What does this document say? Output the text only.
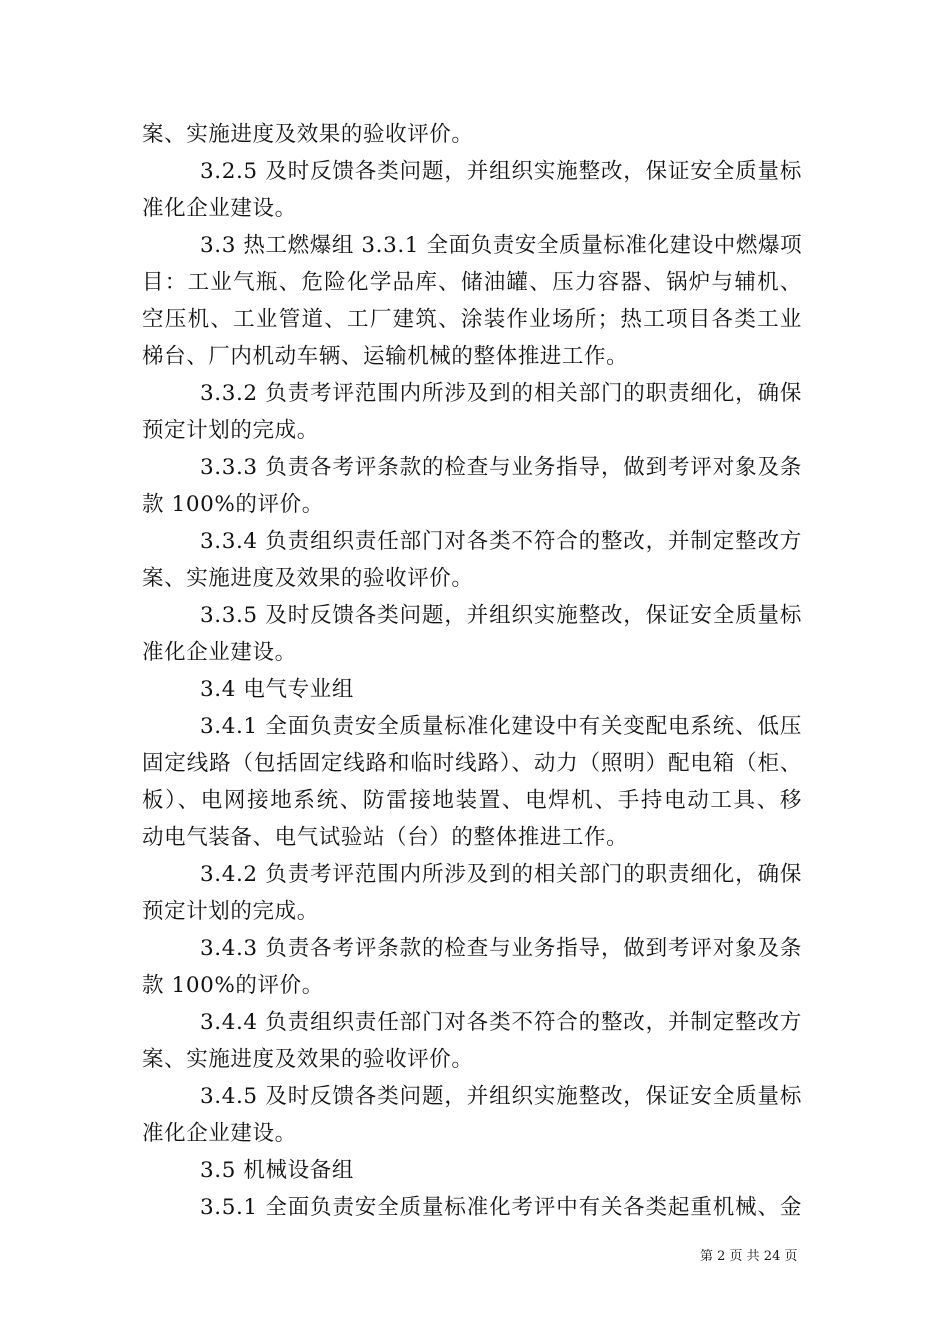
案、实施进度及效果的验收评价。
3.2.5 及时反馈各类问题，并组织实施整改，保证安全质量标
准化企业建设。
3.3 热工燃爆组 3.3.1 全面负责安全质量标准化建设中燃爆项
目：工业气瓶、危险化学品库、储油罐、压力容器、锅炉与辅机、
空压机、工业管道、工厂建筑、涂装作业场所；热工项目各类工业
梯台、厂内机动车辆、运输机械的整体推进工作。
3.3.2 负责考评范围内所涉及到的相关部门的职责细化，确保
预定计划的完成。
3.3.3 负责各考评条款的检查与业务指导，做到考评对象及条
款 100%的评价。
3.3.4 负责组织责任部门对各类不符合的整改，并制定整改方
案、实施进度及效果的验收评价。
3.3.5 及时反馈各类问题，并组织实施整改，保证安全质量标
准化企业建设。
3.4 电气专业组
3.4.1 全面负责安全质量标准化建设中有关变配电系统、低压
固定线路（包括固定线路和临时线路）、动力（照明）配电箱（柜、
板）、电网接地系统、防雷接地装置、电焊机、手持电动工具、移
动电气装备、电气试验站（台）的整体推进工作。
3.4.2 负责考评范围内所涉及到的相关部门的职责细化，确保
预定计划的完成。
3.4.3 负责各考评条款的检查与业务指导，做到考评对象及条
款 100%的评价。
3.4.4 负责组织责任部门对各类不符合的整改，并制定整改方
案、实施进度及效果的验收评价。
3.4.5 及时反馈各类问题，并组织实施整改，保证安全质量标
准化企业建设。
3.5 机械设备组
3.5.1 全面负责安全质量标准化考评中有关各类起重机械、金
第 2 页 共 24 页
